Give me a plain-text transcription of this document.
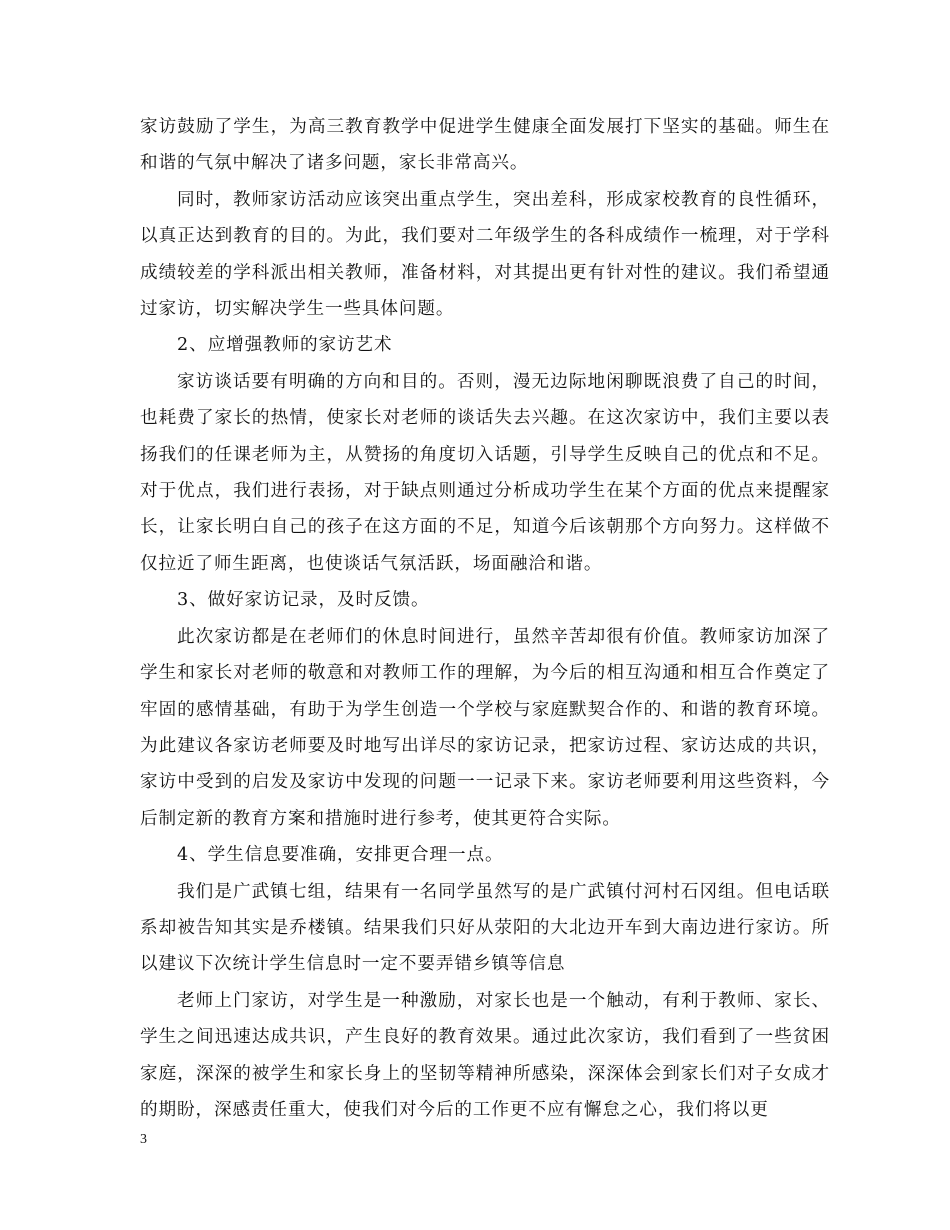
家访鼓励了学生，为高三教育教学中促进学生健康全面发展打下坚实的基础。师生在和谐的气氛中解决了诸多问题，家长非常高兴。

同时，教师家访活动应该突出重点学生，突出差科，形成家校教育的良性循环，以真正达到教育的目的。为此，我们要对二年级学生的各科成绩作一梳理，对于学科成绩较差的学科派出相关教师，准备材料，对其提出更有针对性的建议。我们希望通过家访，切实解决学生一些具体问题。

2、应增强教师的家访艺术

家访谈话要有明确的方向和目的。否则，漫无边际地闲聊既浪费了自己的时间，也耗费了家长的热情，使家长对老师的谈话失去兴趣。在这次家访中，我们主要以表扬我们的任课老师为主，从赞扬的角度切入话题，引导学生反映自己的优点和不足。对于优点，我们进行表扬，对于缺点则通过分析成功学生在某个方面的优点来提醒家长，让家长明白自己的孩子在这方面的不足，知道今后该朝那个方向努力。这样做不仅拉近了师生距离，也使谈话气氛活跃，场面融洽和谐。

3、做好家访记录，及时反馈。

此次家访都是在老师们的休息时间进行，虽然辛苦却很有价值。教师家访加深了学生和家长对老师的敬意和对教师工作的理解，为今后的相互沟通和相互合作奠定了牢固的感情基础，有助于为学生创造一个学校与家庭默契合作的、和谐的教育环境。为此建议各家访老师要及时地写出详尽的家访记录，把家访过程、家访达成的共识，家访中受到的启发及家访中发现的问题一一记录下来。家访老师要利用这些资料，今后制定新的教育方案和措施时进行参考，使其更符合实际。

4、学生信息要准确，安排更合理一点。

我们是广武镇七组，结果有一名同学虽然写的是广武镇付河村石冈组。但电话联系却被告知其实是乔楼镇。结果我们只好从荥阳的大北边开车到大南边进行家访。所以建议下次统计学生信息时一定不要弄错乡镇等信息

老师上门家访，对学生是一种激励，对家长也是一个触动，有利于教师、家长、学生之间迅速达成共识，产生良好的教育效果。通过此次家访，我们看到了一些贫困家庭，深深的被学生和家长身上的坚韧等精神所感染，深深体会到家长们对子女成才的期盼，深感责任重大，使我们对今后的工作更不应有懈怠之心，我们将以更

3
